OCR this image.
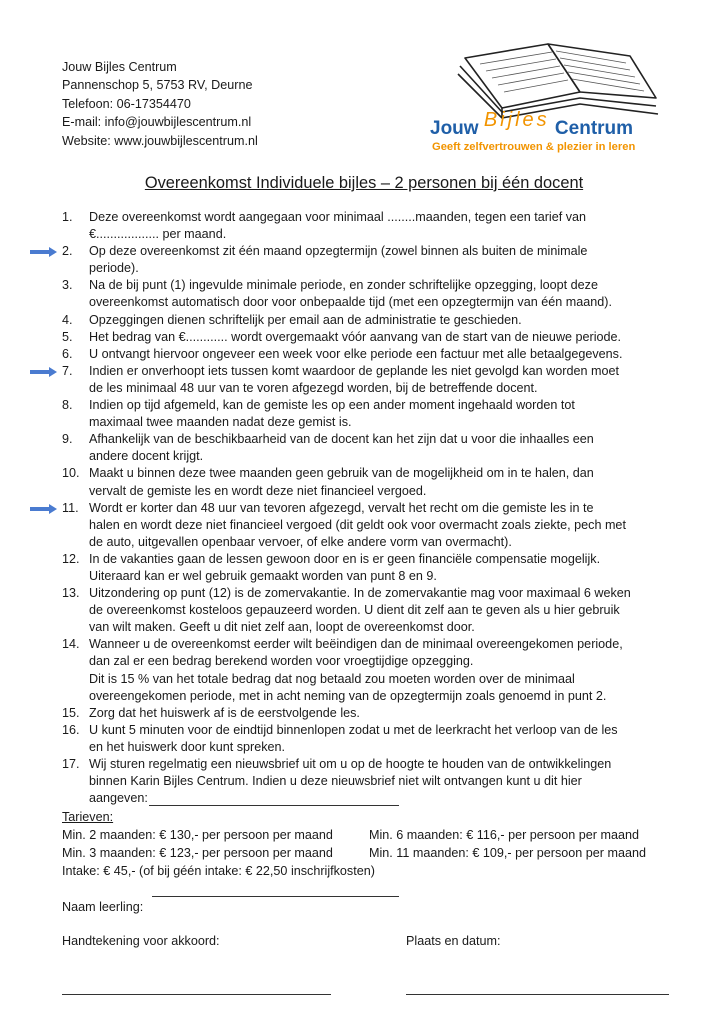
Jouw Bijles Centrum
Pannenschop 5, 5753 RV, Deurne
Telefoon: 06-17354470
E-mail: info@jouwbijlescentrum.nl
Website: www.jouwbijlescentrum.nl
Jouw Bijles Centrum
Geeft zelfvertrouwen & plezier in leren
Overeenkomst Individuele bijles – 2 personen bij één docent
1.	Deze overeenkomst wordt aangegaan voor minimaal ........maanden, tegen een tarief van
€.................. per maand.
2.	Op deze overeenkomst zit één maand opzegtermijn (zowel binnen als buiten de minimale
periode).
3.	Na de bij punt (1) ingevulde minimale periode, en zonder schriftelijke opzegging, loopt deze
overeenkomst automatisch door voor onbepaalde tijd (met een opzegtermijn van één maand).
4.	Opzeggingen dienen schriftelijk per email aan de administratie te geschieden.
5.	Het bedrag van €............ wordt overgemaakt vóór aanvang van de start van de nieuwe periode.
6.	U ontvangt hiervoor ongeveer een week voor elke periode een factuur met alle betaalgegevens.
7.	Indien er onverhoopt iets tussen komt waardoor de geplande les niet gevolgd kan worden moet
de les minimaal 48 uur van te voren afgezegd worden, bij de betreffende docent.
8.	Indien op tijd afgemeld, kan de gemiste les op een ander moment ingehaald worden tot
maximaal twee maanden nadat deze gemist is.
9.	Afhankelijk van de beschikbaarheid van de docent kan het zijn dat u voor die inhaalles een
andere docent krijgt.
10. Maakt u binnen deze twee maanden geen gebruik van de mogelijkheid om in te halen, dan
vervalt de gemiste les en wordt deze niet financieel vergoed.
11. Wordt er korter dan 48 uur van tevoren afgezegd, vervalt het recht om die gemiste les in te
halen en wordt deze niet financieel vergoed (dit geldt ook voor overmacht zoals ziekte, pech met
de auto, uitgevallen openbaar vervoer, of elke andere vorm van overmacht).
12. In de vakanties gaan de lessen gewoon door en is er geen financiële compensatie mogelijk.
Uiteraard kan er wel gebruik gemaakt worden van punt 8 en 9.
13. Uitzondering op punt (12) is de zomervakantie. In de zomervakantie mag voor maximaal 6 weken
de overeenkomst kosteloos gepauzeerd worden. U dient dit zelf aan te geven als u hier gebruik
van wilt maken. Geeft u dit niet zelf aan, loopt de overeenkomst door.
14. Wanneer u de overeenkomst eerder wilt beëindigen dan de minimaal overeengekomen periode,
dan zal er een bedrag berekend worden voor vroegtijdige opzegging.
Dit is 15 % van het totale bedrag dat nog betaald zou moeten worden over de minimaal
overeengekomen periode, met in acht neming van de opzegtermijn zoals genoemd in punt 2.
15. Zorg dat het huiswerk af is de eerstvolgende les.
16. U kunt 5 minuten voor de eindtijd binnenlopen zodat u met de leerkracht het verloop van de les
en het huiswerk door kunt spreken.
17. Wij sturen regelmatig een nieuwsbrief uit om u op de hoogte te houden van de ontwikkelingen
binnen Karin Bijles Centrum. Indien u deze nieuwsbrief niet wilt ontvangen kunt u dit hier
aangeven:
Tarieven:
Min. 2 maanden: € 130,- per persoon per maand	Min. 6 maanden: € 116,- per persoon per maand
Min. 3 maanden: € 123,- per persoon per maand	Min. 11 maanden: € 109,- per persoon per maand
Intake: € 45,- (of bij géén intake: € 22,50 inschrijfkosten)
Naam leerling:
Handtekening voor akkoord:	Plaats en datum:
